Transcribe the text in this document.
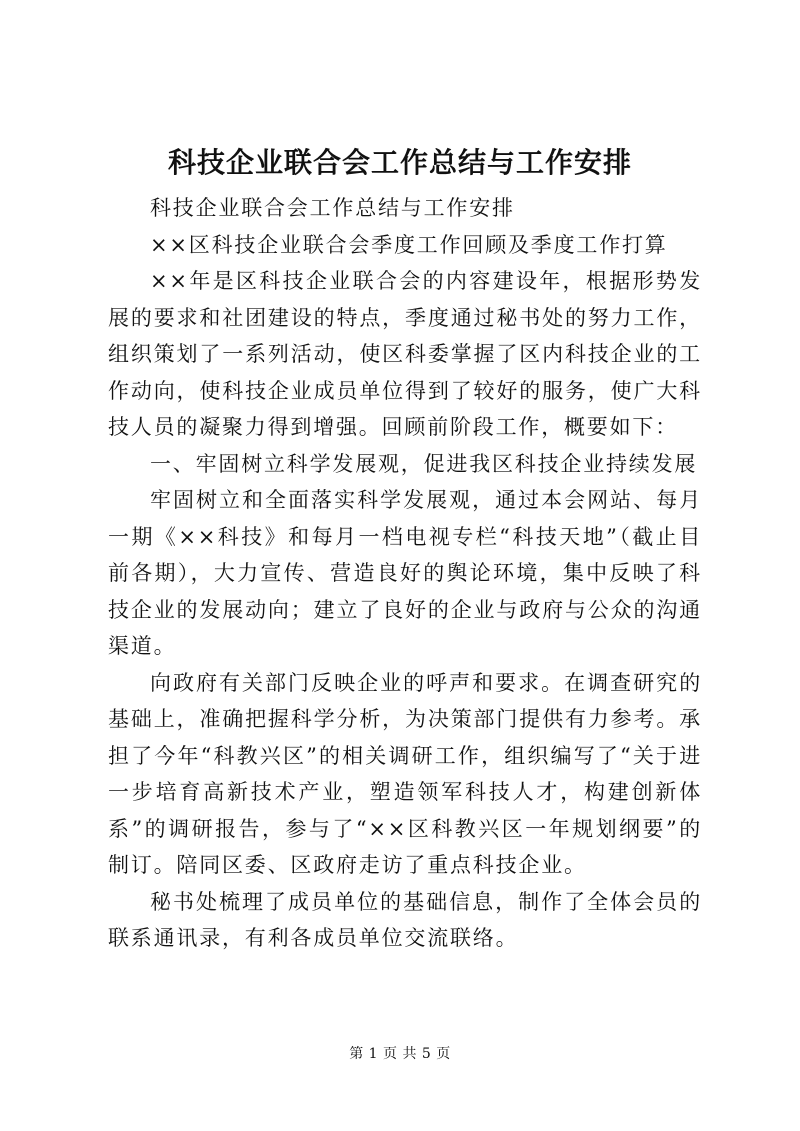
科技企业联合会工作总结与工作安排

科技企业联合会工作总结与工作安排

××区科技企业联合会季度工作回顾及季度工作打算

××年是区科技企业联合会的内容建设年，根据形势发展的要求和社团建设的特点，季度通过秘书处的努力工作，组织策划了一系列活动，使区科委掌握了区内科技企业的工作动向，使科技企业成员单位得到了较好的服务，使广大科技人员的凝聚力得到增强。回顾前阶段工作，概要如下：

一、牢固树立科学发展观，促进我区科技企业持续发展

牢固树立和全面落实科学发展观，通过本会网站、每月一期《××科技》和每月一档电视专栏“科技天地”（截止目前各期），大力宣传、营造良好的舆论环境，集中反映了科技企业的发展动向；建立了良好的企业与政府与公众的沟通渠道。

向政府有关部门反映企业的呼声和要求。在调查研究的基础上，准确把握科学分析，为决策部门提供有力参考。承担了今年“科教兴区”的相关调研工作，组织编写了“关于进一步培育高新技术产业，塑造领军科技人才，构建创新体系”的调研报告，参与了“××区科教兴区一年规划纲要”的制订。陪同区委、区政府走访了重点科技企业。

秘书处梳理了成员单位的基础信息，制作了全体会员的联系通讯录，有利各成员单位交流联络。

第 1 页 共 5 页
